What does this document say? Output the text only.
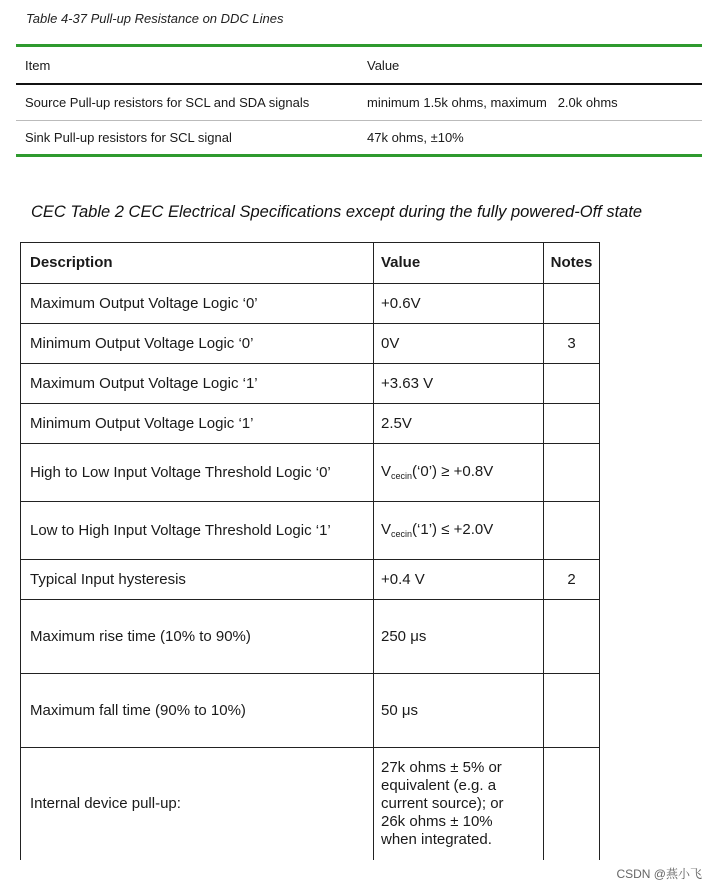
Table 4-37 Pull-up Resistance on DDC Lines
Item	Value
Source Pull-up resistors for SCL and SDA signals	minimum 1.5k ohms, maximum   2.0k ohms
Sink Pull-up resistors for SCL signal	47k ohms, ±10%
CEC Table 2 CEC Electrical Specifications except during the fully powered-Off state
Description	Value	Notes
Maximum Output Voltage Logic ‘0’	+0.6V	
Minimum Output Voltage Logic ‘0’	0V	3
Maximum Output Voltage Logic ‘1’	+3.63 V	
Minimum Output Voltage Logic ‘1’	2.5V	
High to Low Input Voltage Threshold Logic ‘0’	$V_{cecin}(‘0’) \ge +0.8V$	
Low to High Input Voltage Threshold Logic ‘1’	$V_{cecin}(‘1’) \le +2.0V$	
Typical Input hysteresis	+0.4 V	2
Maximum rise time (10% to 90%)	250 μs	
Maximum fall time (90% to 10%)	50 μs	
Internal device pull-up:	27k ohms ± 5% or equivalent (e.g. a current source); or 26k ohms ± 10% when integrated.	
CSDN @燕小飞
